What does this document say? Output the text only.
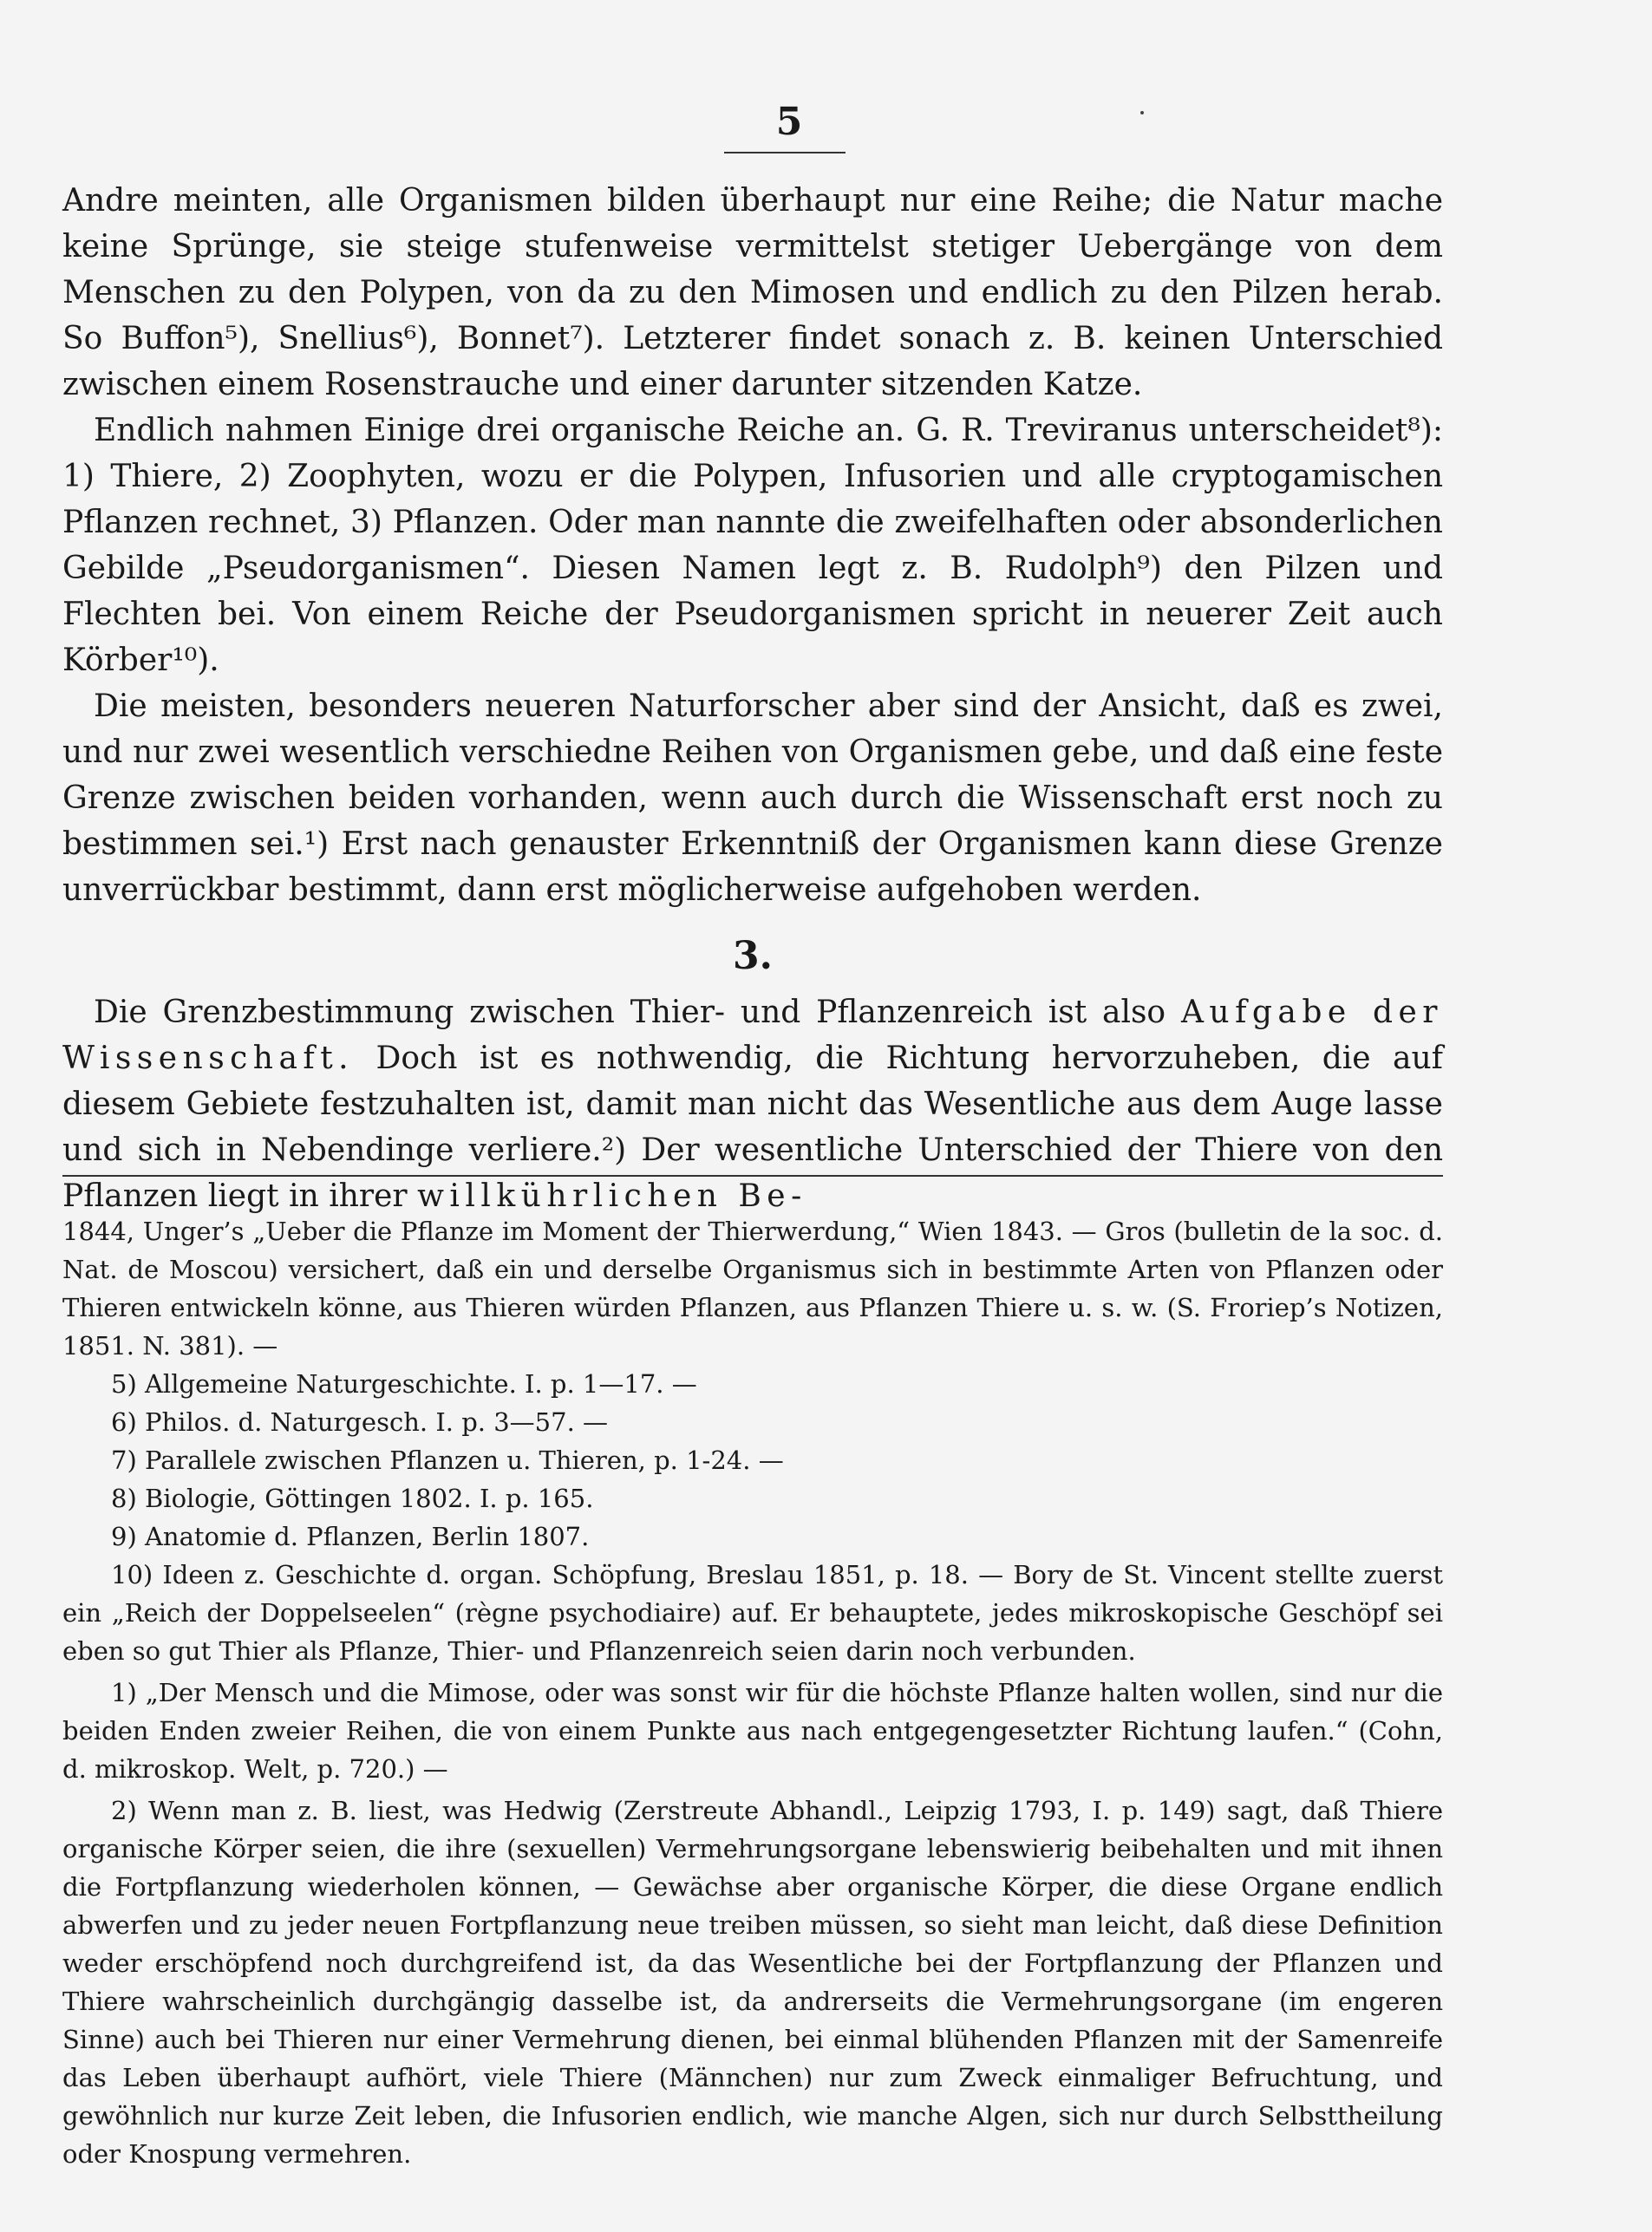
5

Andre meinten, alle Organismen bilden überhaupt nur eine Reihe; die Natur mache keine Sprünge, sie steige stufenweise vermittelst stetiger Uebergänge von dem Menschen zu den Polypen, von da zu den Mimosen und endlich zu den Pilzen herab. So Buffon⁵), Snellius⁶), Bonnet⁷). Letzterer findet sonach z. B. keinen Unterschied zwischen einem Rosenstrauche und einer darunter sitzenden Katze.

Endlich nahmen Einige drei organische Reiche an. G. R. Treviranus unterscheidet⁸): 1) Thiere, 2) Zoophyten, wozu er die Polypen, Infusorien und alle cryptogamischen Pflanzen rechnet, 3) Pflanzen. Oder man nannte die zweifelhaften oder absonderlichen Gebilde „Pseudorganismen“. Diesen Namen legt z. B. Rudolph⁹) den Pilzen und Flechten bei. Von einem Reiche der Pseudorganismen spricht in neuerer Zeit auch Körber¹⁰).

Die meisten, besonders neueren Naturforscher aber sind der Ansicht, daß es zwei, und nur zwei wesentlich verschiedne Reihen von Organismen gebe, und daß eine feste Grenze zwischen beiden vorhanden, wenn auch durch die Wissenschaft erst noch zu bestimmen sei.¹) Erst nach genauster Erkenntniß der Organismen kann diese Grenze unverrückbar bestimmt, dann erst möglicherweise aufgehoben werden.

3.

Die Grenzbestimmung zwischen Thier- und Pflanzenreich ist also Aufgabe der Wissenschaft. Doch ist es nothwendig, die Richtung hervorzuheben, die auf diesem Gebiete festzuhalten ist, damit man nicht das Wesentliche aus dem Auge lasse und sich in Nebendinge verliere.²) Der wesentliche Unterschied der Thiere von den Pflanzen liegt in ihrer willkührlichen Be-

1844, Unger’s „Ueber die Pflanze im Moment der Thierwerdung,“ Wien 1843. — Gros (bulletin de la soc. d. Nat. de Moscou) versichert, daß ein und derselbe Organismus sich in bestimmte Arten von Pflanzen oder Thieren entwickeln könne, aus Thieren würden Pflanzen, aus Pflanzen Thiere u. s. w. (S. Froriep’s Notizen, 1851. N. 381). —

5) Allgemeine Naturgeschichte. I. p. 1—17. —

6) Philos. d. Naturgesch. I. p. 3—57. —

7) Parallele zwischen Pflanzen u. Thieren, p. 1-24. —

8) Biologie, Göttingen 1802. I. p. 165.

9) Anatomie d. Pflanzen, Berlin 1807.

10) Ideen z. Geschichte d. organ. Schöpfung, Breslau 1851, p. 18. — Bory de St. Vincent stellte zuerst ein „Reich der Doppelseelen“ (règne psychodiaire) auf. Er behauptete, jedes mikroskopische Geschöpf sei eben so gut Thier als Pflanze, Thier- und Pflanzenreich seien darin noch verbunden.

1) „Der Mensch und die Mimose, oder was sonst wir für die höchste Pflanze halten wollen, sind nur die beiden Enden zweier Reihen, die von einem Punkte aus nach entgegengesetzter Richtung laufen.“ (Cohn, d. mikroskop. Welt, p. 720.) —

2) Wenn man z. B. liest, was Hedwig (Zerstreute Abhandl., Leipzig 1793, I. p. 149) sagt, daß Thiere organische Körper seien, die ihre (sexuellen) Vermehrungsorgane lebenswierig beibehalten und mit ihnen die Fortpflanzung wiederholen können, — Gewächse aber organische Körper, die diese Organe endlich abwerfen und zu jeder neuen Fortpflanzung neue treiben müssen, so sieht man leicht, daß diese Definition weder erschöpfend noch durchgreifend ist, da das Wesentliche bei der Fortpflanzung der Pflanzen und Thiere wahrscheinlich durchgängig dasselbe ist, da andrerseits die Vermehrungsorgane (im engeren Sinne) auch bei Thieren nur einer Vermehrung dienen, bei einmal blühenden Pflanzen mit der Samenreife das Leben überhaupt aufhört, viele Thiere (Männchen) nur zum Zweck einmaliger Befruchtung, und gewöhnlich nur kurze Zeit leben, die Infusorien endlich, wie manche Algen, sich nur durch Selbsttheilung oder Knospung vermehren.
